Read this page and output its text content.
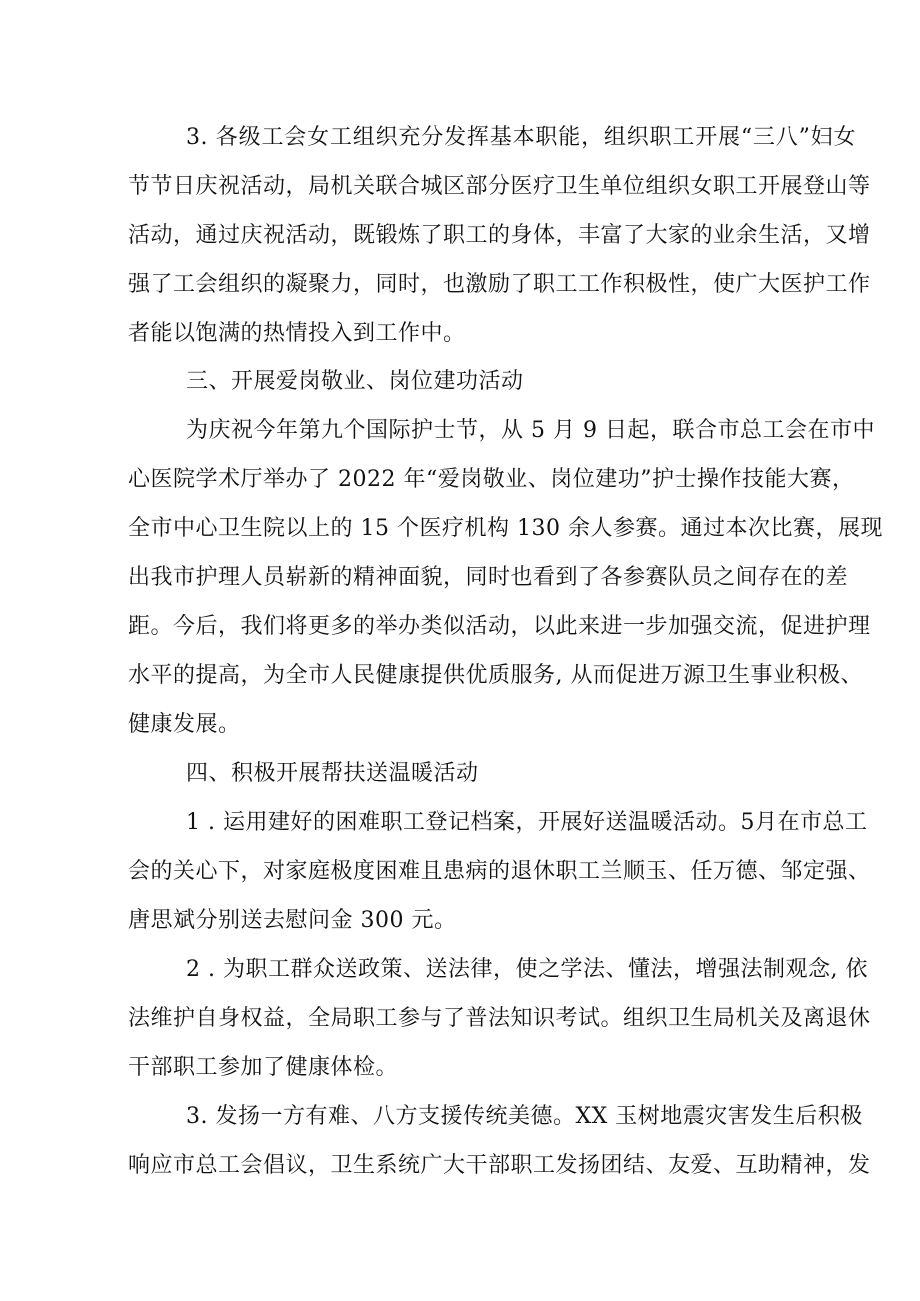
3. 各级工会女工组织充分发挥基本职能，组织职工开展“三八”妇女
节节日庆祝活动，局机关联合城区部分医疗卫生单位组织女职工开展登山等
活动，通过庆祝活动，既锻炼了职工的身体，丰富了大家的业余生活，又增
强了工会组织的凝聚力，同时，也激励了职工工作积极性，使广大医护工作
者能以饱满的热情投入到工作中。
三、开展爱岗敬业、岗位建功活动
为庆祝今年第九个国际护士节，从 5 月 9 日起，联合市总工会在市中
心医院学术厅举办了 2022 年“爱岗敬业、岗位建功”护士操作技能大赛，
全市中心卫生院以上的 15 个医疗机构 130 余人参赛。通过本次比赛，展现
出我市护理人员崭新的精神面貌，同时也看到了各参赛队员之间存在的差
距。今后，我们将更多的举办类似活动，以此来进一步加强交流，促进护理
水平的提高，为全市人民健康提供优质服务, 从而促进万源卫生事业积极、
健康发展。
四、积极开展帮扶送温暖活动
1 . 运用建好的困难职工登记档案，开展好送温暖活动。5月在市总工
会的关心下，对家庭极度困难且患病的退休职工兰顺玉、任万德、邹定强、
唐思斌分别送去慰问金 300 元。
2 . 为职工群众送政策、送法律，使之学法、懂法，增强法制观念, 依
法维护自身权益，全局职工参与了普法知识考试。组织卫生局机关及离退休
干部职工参加了健康体检。
3. 发扬一方有难、八方支援传统美德。XX 玉树地震灾害发生后积极
响应市总工会倡议，卫生系统广大干部职工发扬团结、友爱、互助精神，发
